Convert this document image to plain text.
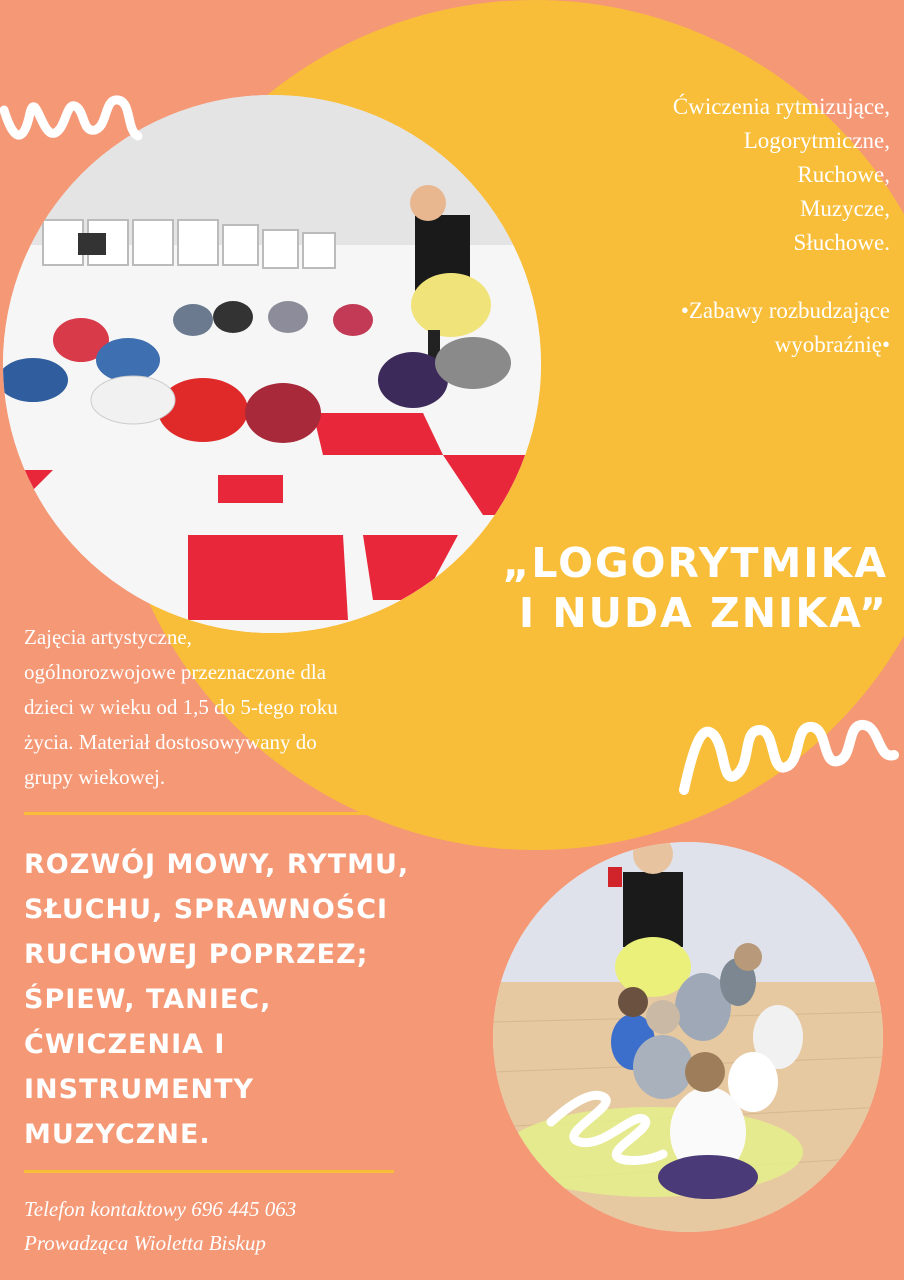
Ćwiczenia rytmizujące,
Logorytmiczne,
Ruchowe,
Muzycze,
Słuchowe.
•Zabawy rozbudzające
wyobraźnię•
„LOGORYTMIKA
I NUDA ZNIKA”
Zajęcia artystyczne,
ogólnorozwojowe przeznaczone dla
dzieci w wieku od 1,5 do 5-tego roku
życia. Materiał dostosowywany do
grupy wiekowej.
ROZWÓJ MOWY, RYTMU,
SŁUCHU, SPRAWNOŚCI
RUCHOWEJ POPRZEZ;
ŚPIEW, TANIEC,
ĆWICZENIA I
INSTRUMENTY
MUZYCZNE.
Telefon kontaktowy 696 445 063
Prowadząca Wioletta Biskup
